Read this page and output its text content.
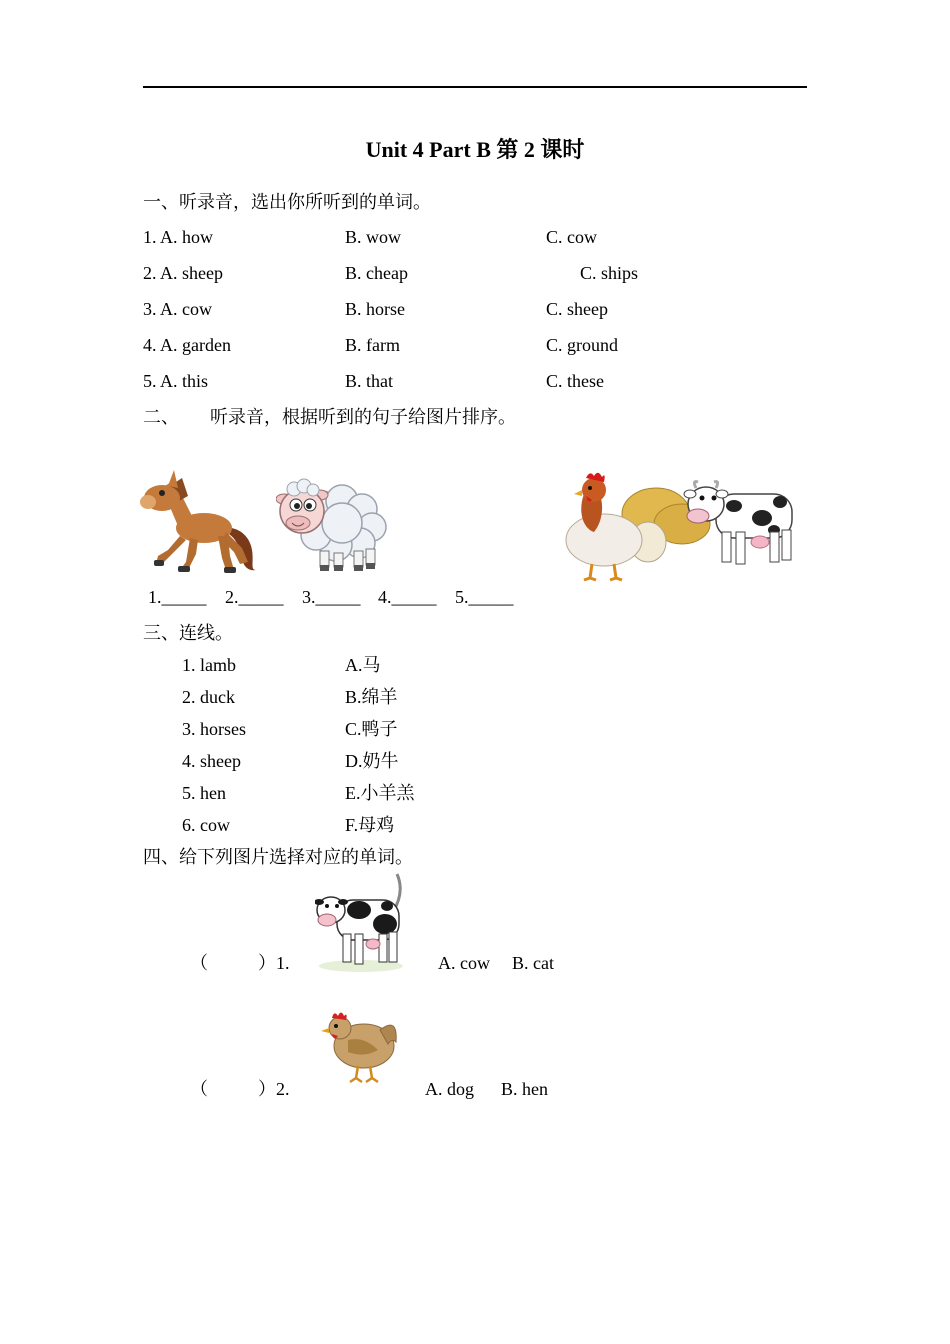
Unit 4 Part B 第 2 课时
一、听录音，选出你所听到的单词。
1. A. how	B. wow	C. cow
2. A. sheep	B. cheap	C. ships
3. A. cow	B. horse	C. sheep
4. A. garden	B. farm	C. ground
5. A. this	B. that	C. these
二、 听录音，根据听到的句子给图片排序。
1._____ 2._____ 3._____ 4._____ 5._____
三、连线。
1. lamb	A.马
2. duck	B.绵羊
3. horses	C.鸭子
4. sheep	D.奶牛
5. hen	E.小羊羔
6. cow	F.母鸡
四、给下列图片选择对应的单词。
（	）1.	A. cow B. cat
（	）2.	A. dog B. hen
